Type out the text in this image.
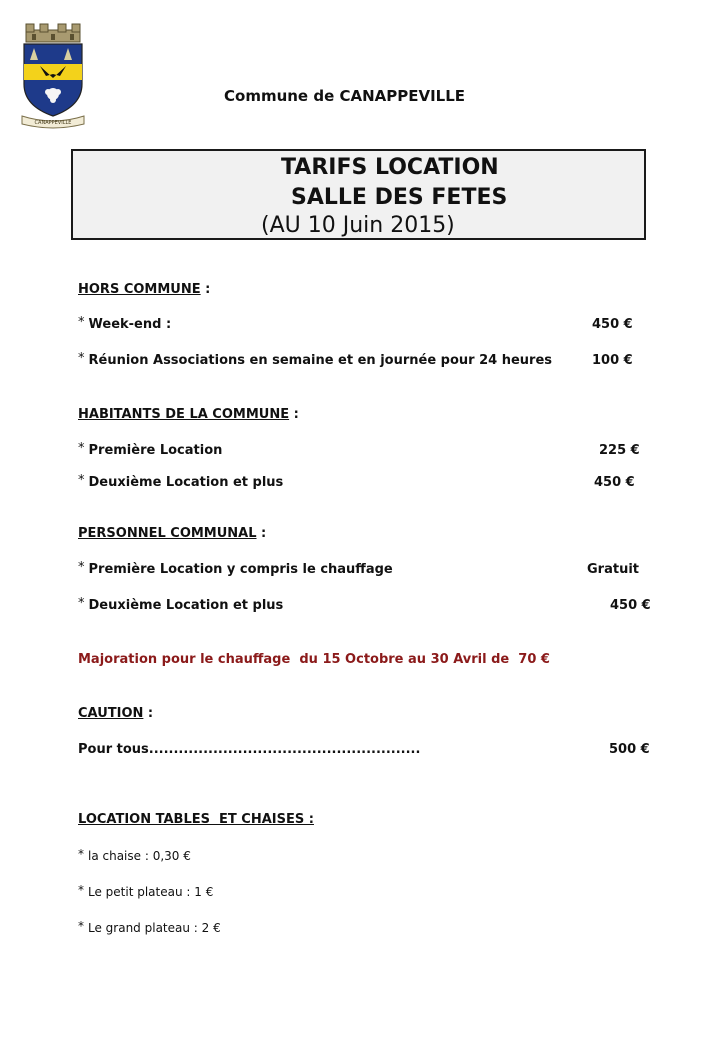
CANAPPEVILLE
Commune de CANAPPEVILLE
TARIFS LOCATION
SALLE DES FETES
(AU 10 Juin 2015)
HORS COMMUNE :
* Week-end :	450 €
* Réunion Associations en semaine et en journée pour 24 heures	100 €
HABITANTS DE LA COMMUNE :
* Première Location	225 €
* Deuxième Location et plus	450 €
PERSONNEL COMMUNAL :
* Première Location y compris le chauffage	Gratuit
* Deuxième Location et plus	450 €
Majoration pour le chauffage  du 15 Octobre au 30 Avril de  70 €
CAUTION :
Pour tous.......................................................	500 €
LOCATION TABLES  ET CHAISES :
* la chaise : 0,30 €
* Le petit plateau : 1 €
* Le grand plateau : 2 €
